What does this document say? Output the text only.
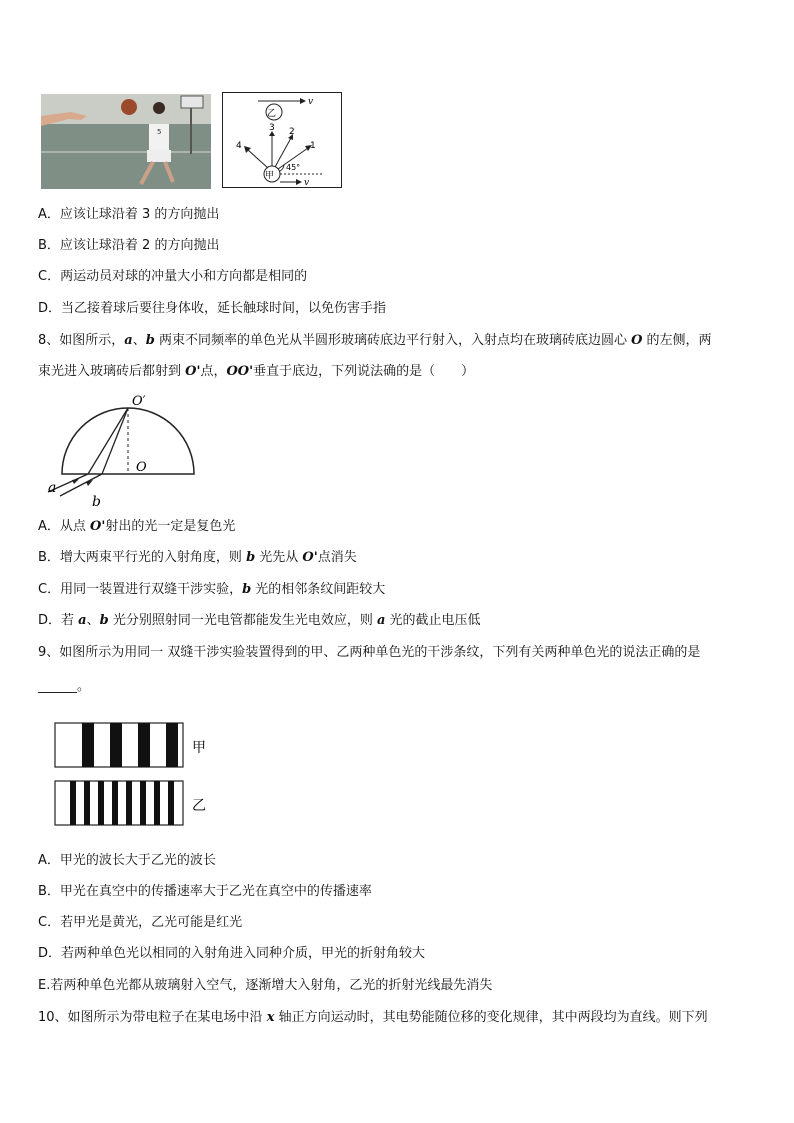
5
v
乙
甲
3 2
1
4
45°
v
A．应该让球沿着 3 的方向抛出
B．应该让球沿着 2 的方向抛出
C．两运动员对球的冲量大小和方向都是相同的
D．当乙接着球后要往身体收，延长触球时间，以免伤害手指
8、如图所示，a、b 两束不同频率的单色光从半圆形玻璃砖底边平行射入，入射点均在玻璃砖底边圆心 O 的左侧，两
束光进入玻璃砖后都射到 O'点，OO'垂直于底边，下列说法确的是（　　）
O′
O
a
b
A．从点 O'射出的光一定是复色光
B．增大两束平行光的入射角度，则 b 光先从 O'点消失
C．用同一装置进行双缝干涉实验，b 光的相邻条纹间距较大
D．若 a、b 光分别照射同一光电管都能发生光电效应，则 a 光的截止电压低
9、如图所示为用同一 双缝干涉实验装置得到的甲、乙两种单色光的干涉条纹，下列有关两种单色光的说法正确的是
______。
甲
乙
A．甲光的波长大于乙光的波长
B．甲光在真空中的传播速率大于乙光在真空中的传播速率
C．若甲光是黄光，乙光可能是红光
D．若两种单色光以相同的入射角进入同种介质，甲光的折射角较大
E.若两种单色光都从玻璃射入空气，逐渐增大入射角，乙光的折射光线最先消失
10、如图所示为带电粒子在某电场中沿 x 轴正方向运动时，其电势能随位移的变化规律，其中两段均为直线。则下列
